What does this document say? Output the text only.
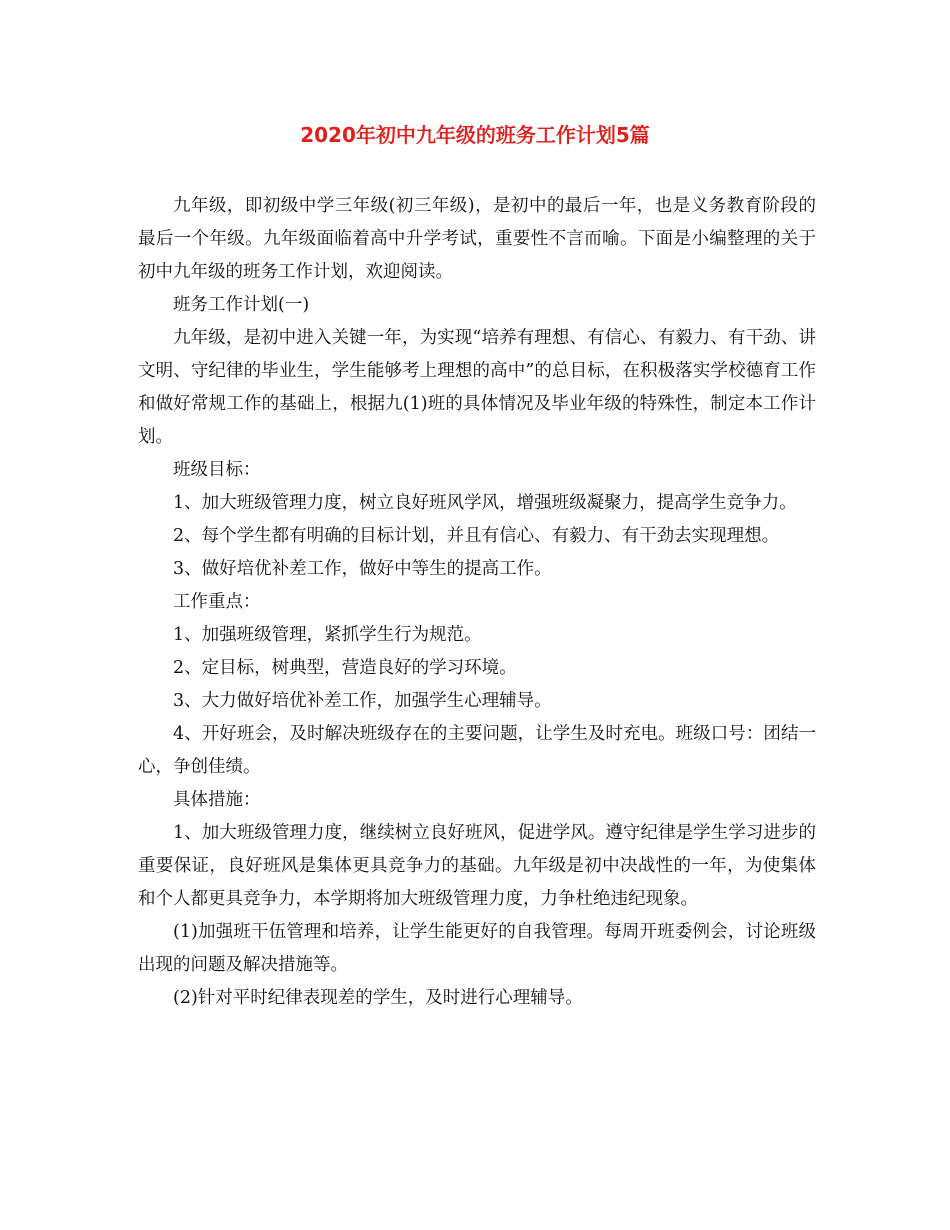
2020年初中九年级的班务工作计划5篇

九年级，即初级中学三年级(初三年级)，是初中的最后一年，也是义务教育阶段的最后一个年级。九年级面临着高中升学考试，重要性不言而喻。下面是小编整理的关于初中九年级的班务工作计划，欢迎阅读。

班务工作计划(一)

九年级，是初中进入关键一年，为实现“培养有理想、有信心、有毅力、有干劲、讲文明、守纪律的毕业生，学生能够考上理想的高中”的总目标，在积极落实学校德育工作和做好常规工作的基础上，根据九(1)班的具体情况及毕业年级的特殊性，制定本工作计划。

班级目标：

1、加大班级管理力度，树立良好班风学风，增强班级凝聚力，提高学生竞争力。

2、每个学生都有明确的目标计划，并且有信心、有毅力、有干劲去实现理想。

3、做好培优补差工作，做好中等生的提高工作。

工作重点：

1、加强班级管理，紧抓学生行为规范。

2、定目标，树典型，营造良好的学习环境。

3、大力做好培优补差工作，加强学生心理辅导。

4、开好班会，及时解决班级存在的主要问题，让学生及时充电。班级口号：团结一心，争创佳绩。

具体措施：

1、加大班级管理力度，继续树立良好班风，促进学风。遵守纪律是学生学习进步的重要保证，良好班风是集体更具竞争力的基础。九年级是初中决战性的一年，为使集体和个人都更具竞争力，本学期将加大班级管理力度，力争杜绝违纪现象。

(1)加强班干伍管理和培养，让学生能更好的自我管理。每周开班委例会，讨论班级出现的问题及解决措施等。

(2)针对平时纪律表现差的学生，及时进行心理辅导。
